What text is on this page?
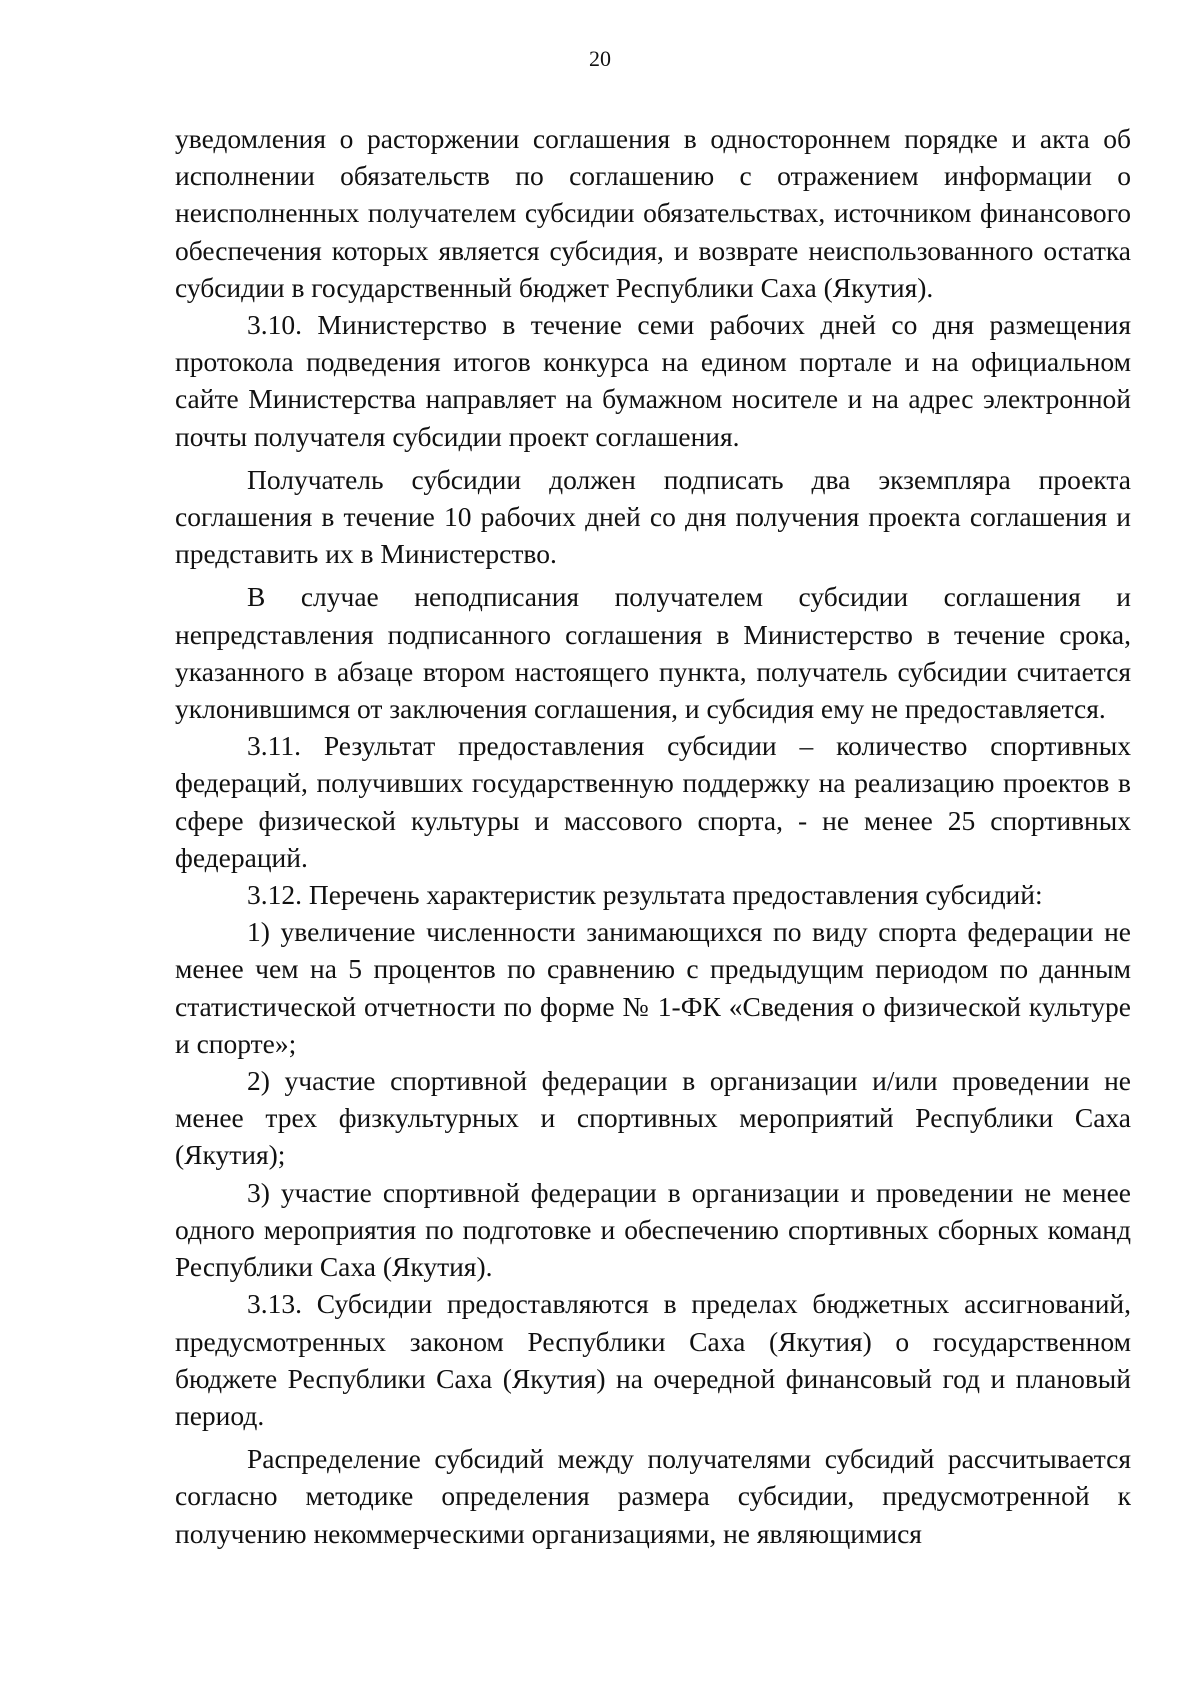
20

уведомления о расторжении соглашения в одностороннем порядке и акта об исполнении обязательств по соглашению с отражением информации о неисполненных получателем субсидии обязательствах, источником финансового обеспечения которых является субсидия, и возврате неиспользованного остатка субсидии в государственный бюджет Республики Саха (Якутия).

3.10. Министерство в течение семи рабочих дней со дня размещения протокола подведения итогов конкурса на едином портале и на официальном сайте Министерства направляет на бумажном носителе и на адрес электронной почты получателя субсидии проект соглашения.

Получатель субсидии должен подписать два экземпляра проекта соглашения в течение 10 рабочих дней со дня получения проекта соглашения и представить их в Министерство.

В случае неподписания получателем субсидии соглашения и непредставления подписанного соглашения в Министерство в течение срока, указанного в абзаце втором настоящего пункта, получатель субсидии считается уклонившимся от заключения соглашения, и субсидия ему не предоставляется.

3.11. Результат предоставления субсидии – количество спортивных федераций, получивших государственную поддержку на реализацию проектов в сфере физической культуры и массового спорта, - не менее 25 спортивных федераций.

3.12. Перечень характеристик результата предоставления субсидий:

1) увеличение численности занимающихся по виду спорта федерации не менее чем на 5 процентов по сравнению с предыдущим периодом по данным статистической отчетности по форме № 1-ФК «Сведения о физической культуре и спорте»;

2) участие спортивной федерации в организации и/или проведении не менее трех физкультурных и спортивных мероприятий Республики Саха (Якутия);

3) участие спортивной федерации в организации и проведении не менее одного мероприятия по подготовке и обеспечению спортивных сборных команд Республики Саха (Якутия).

3.13. Субсидии предоставляются в пределах бюджетных ассигнований, предусмотренных законом Республики Саха (Якутия) о государственном бюджете Республики Саха (Якутия) на очередной финансовый год и плановый период.

Распределение субсидий между получателями субсидий рассчитывается согласно методике определения размера субсидии, предусмотренной к получению некоммерческими организациями, не являющимися
